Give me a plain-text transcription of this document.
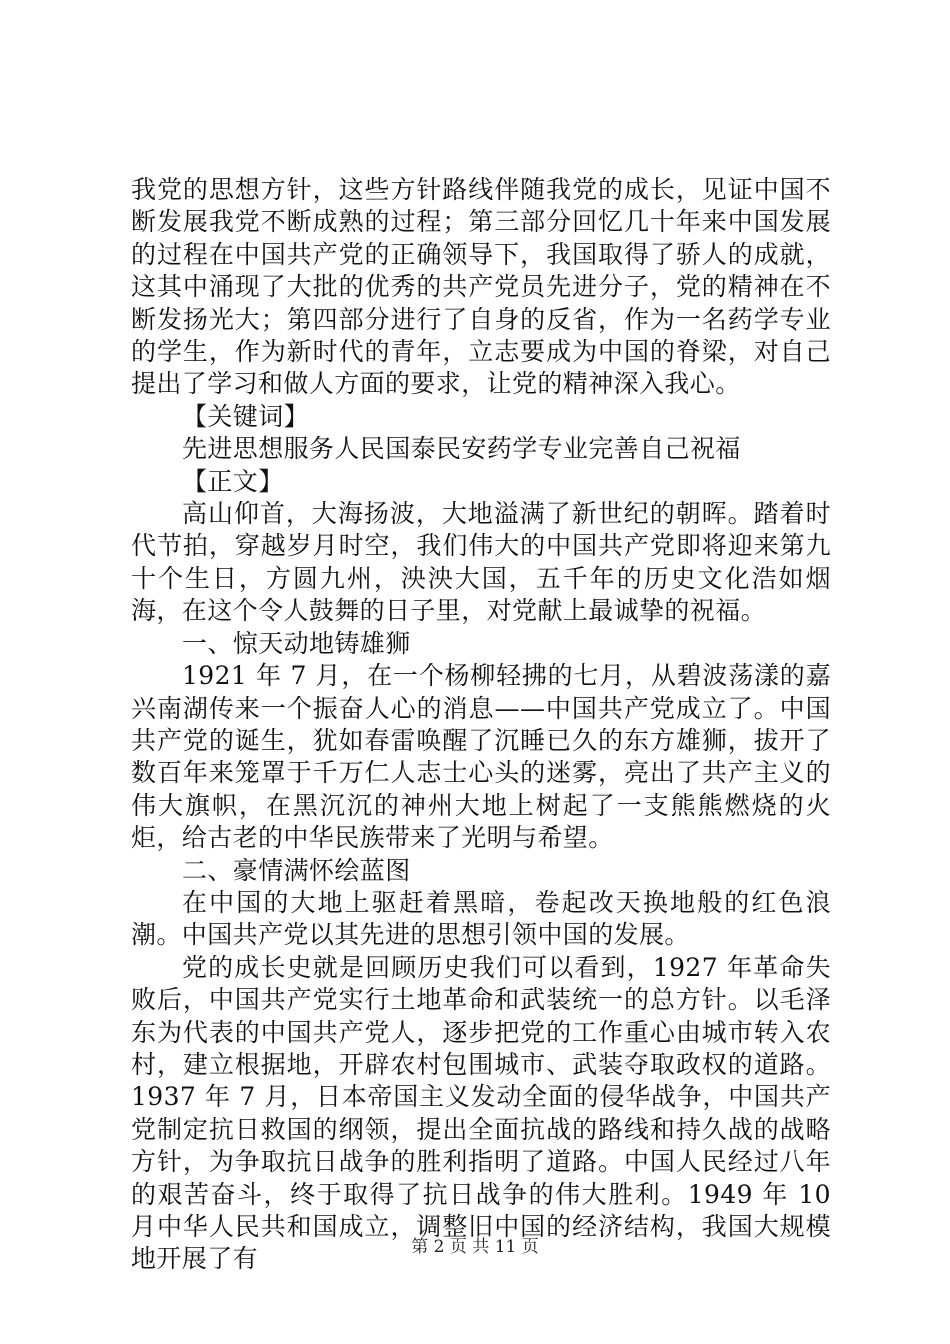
我党的思想方针，这些方针路线伴随我党的成长，见证中国不断发展我党不断成熟的过程；第三部分回忆几十年来中国发展的过程在中国共产党的正确领导下，我国取得了骄人的成就，这其中涌现了大批的优秀的共产党员先进分子，党的精神在不断发扬光大；第四部分进行了自身的反省，作为一名药学专业的学生，作为新时代的青年，立志要成为中国的脊梁，对自己提出了学习和做人方面的要求，让党的精神深入我心。

【关键词】

先进思想服务人民国泰民安药学专业完善自己祝福

【正文】

高山仰首，大海扬波，大地溢满了新世纪的朝晖。踏着时代节拍，穿越岁月时空，我们伟大的中国共产党即将迎来第九十个生日，方圆九州，泱泱大国，五千年的历史文化浩如烟海，在这个令人鼓舞的日子里，对党献上最诚挚的祝福。

一、惊天动地铸雄狮

1921 年 7 月，在一个杨柳轻拂的七月，从碧波荡漾的嘉兴南湖传来一个振奋人心的消息——中国共产党成立了。中国共产党的诞生，犹如春雷唤醒了沉睡已久的东方雄狮，拔开了数百年来笼罩于千万仁人志士心头的迷雾，亮出了共产主义的伟大旗帜，在黑沉沉的神州大地上树起了一支熊熊燃烧的火炬，给古老的中华民族带来了光明与希望。

二、豪情满怀绘蓝图

在中国的大地上驱赶着黑暗，卷起改天换地般的红色浪潮。中国共产党以其先进的思想引领中国的发展。

党的成长史就是回顾历史我们可以看到，1927 年革命失败后，中国共产党实行土地革命和武装统一的总方针。以毛泽东为代表的中国共产党人，逐步把党的工作重心由城市转入农村，建立根据地，开辟农村包围城市、武装夺取政权的道路。1937 年 7 月，日本帝国主义发动全面的侵华战争，中国共产党制定抗日救国的纲领，提出全面抗战的路线和持久战的战略方针，为争取抗日战争的胜利指明了道路。中国人民经过八年的艰苦奋斗，终于取得了抗日战争的伟大胜利。1949 年 10 月中华人民共和国成立，调整旧中国的经济结构，我国大规模地开展了有	第 2 页 共 11 页
